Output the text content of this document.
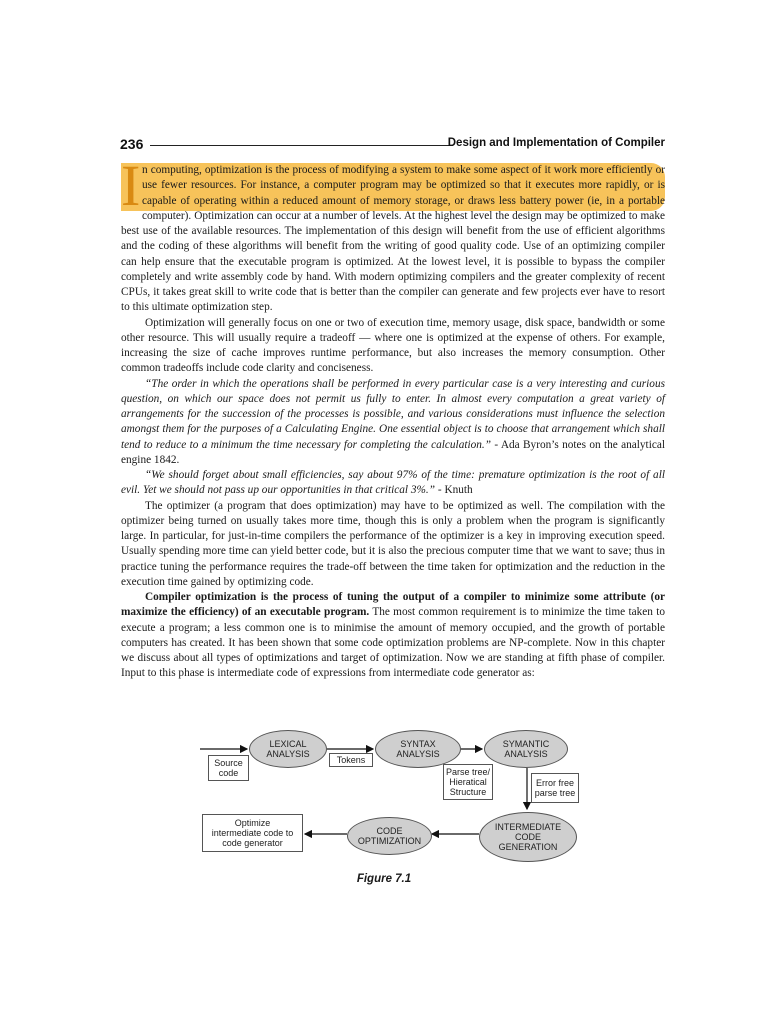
236	Design and Implementation of Compiler

In computing, optimization is the process of modifying a system to make some aspect of it work more efficiently or use fewer resources. For instance, a computer program may be optimized so that it executes more rapidly, or is capable of operating within a reduced amount of memory storage, or draws less battery power (ie, in a portable computer). Optimization can occur at a number of levels. At the highest level the design may be optimized to make best use of the available resources. The implementation of this design will benefit from the use of efficient algorithms and the coding of these algorithms will benefit from the writing of good quality code. Use of an optimizing compiler can help ensure that the executable program is optimized. At the lowest level, it is possible to bypass the compiler completely and write assembly code by hand. With modern optimizing compilers and the greater complexity of recent CPUs, it takes great skill to write code that is better than the compiler can generate and few projects ever have to resort to this ultimate optimization step.

Optimization will generally focus on one or two of execution time, memory usage, disk space, bandwidth or some other resource. This will usually require a tradeoff — where one is optimized at the expense of others. For example, increasing the size of cache improves runtime performance, but also increases the memory consumption. Other common tradeoffs include code clarity and conciseness.

“The order in which the operations shall be performed in every particular case is a very interesting and curious question, on which our space does not permit us fully to enter. In almost every computation a great variety of arrangements for the succession of the processes is possible, and various considerations must influence the selection amongst them for the purposes of a Calculating Engine. One essential object is to choose that arrangement which shall tend to reduce to a minimum the time necessary for completing the calculation.” - Ada Byron’s notes on the analytical engine 1842.

“We should forget about small efficiencies, say about 97% of the time: premature optimization is the root of all evil. Yet we should not pass up our opportunities in that critical 3%.” - Knuth

The optimizer (a program that does optimization) may have to be optimized as well. The compilation with the optimizer being turned on usually takes more time, though this is only a problem when the program is significantly large. In particular, for just-in-time compilers the performance of the optimizer is a key in improving execution speed. Usually spending more time can yield better code, but it is also the precious computer time that we want to save; thus in practice tuning the performance requires the trade-off between the time taken for optimization and the reduction in the execution time gained by optimizing code.

Compiler optimization is the process of tuning the output of a compiler to minimize some attribute (or maximize the efficiency) of an executable program. The most common requirement is to minimize the time taken to execute a program; a less common one is to minimise the amount of memory occupied, and the growth of portable computers has created. It has been shown that some code optimization problems are NP-complete. Now in this chapter we discuss about all types of optimizations and target of optimization. Now we are standing at fifth phase of compiler. Input to this phase is intermediate code of expressions from intermediate code generator as:

LEXICAL
ANALYSIS
SYNTAX
ANALYSIS
SYMANTIC
ANALYSIS
INTERMEDIATE
CODE
GENERATION
CODE
OPTIMIZATION
Source
code
Tokens
Parse tree/
Hieratical
Structure
Error free
parse tree
Optimize
intermediate code to
code generator
Figure 7.1
